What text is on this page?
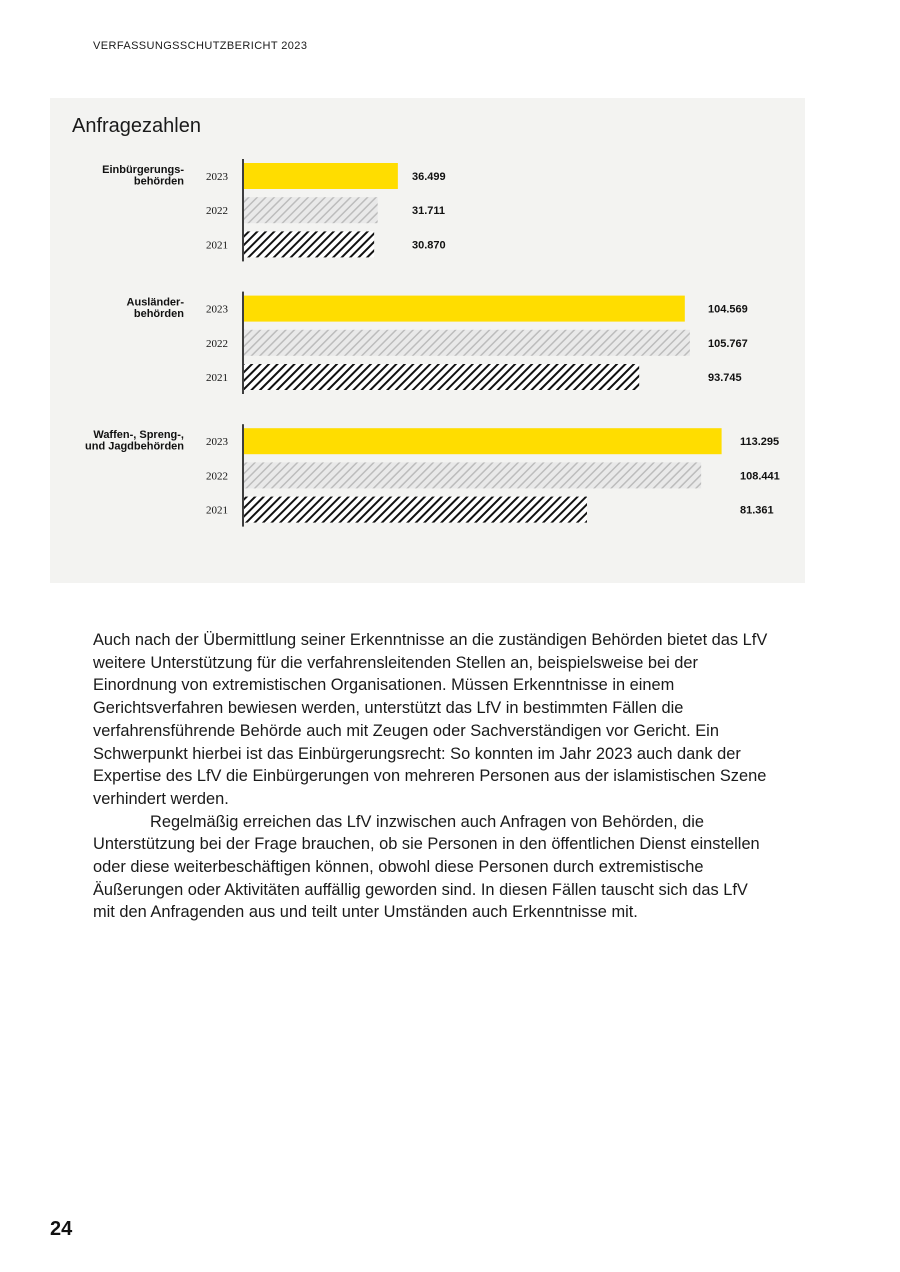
VERFASSUNGSSCHUTZBERICHT 2023
Anfragezahlen
Einbürgerungs-
behörden 2023	36.499
2022	31.711
2021	30.870
Ausländer-
behörden 2023	104.569
2022	105.767
2021	93.745
Waffen-, Spreng-,
und Jagdbehörden 2023	113.295
2022	108.441
2021	81.361

Auch nach der Übermittlung seiner Erkenntnisse an die zuständigen Behörden bietet das LfV weitere Unterstützung für die verfahrensleitenden Stellen an, beispielsweise bei der Einordnung von extremistischen Organisationen. Müssen Erkenntnisse in einem Gerichtsverfahren bewiesen werden, unterstützt das LfV in bestimmten Fällen die verfahrensführende Behörde auch mit Zeugen oder Sachverständigen vor Gericht. Ein Schwerpunkt hierbei ist das Einbürgerungsrecht: So konnten im Jahr 2023 auch dank der Expertise des LfV die Einbürgerungen von mehreren Personen aus der islamistischen Szene verhindert werden.

Regelmäßig erreichen das LfV inzwischen auch Anfragen von Behörden, die Unterstützung bei der Frage brauchen, ob sie Personen in den öffentlichen Dienst einstellen oder diese weiterbeschäftigen können, obwohl diese Personen durch extremistische Äußerungen oder Aktivitäten auffällig geworden sind. In diesen Fällen tauscht sich das LfV mit den Anfragenden aus und teilt unter Umständen auch Erkenntnisse mit.

24
